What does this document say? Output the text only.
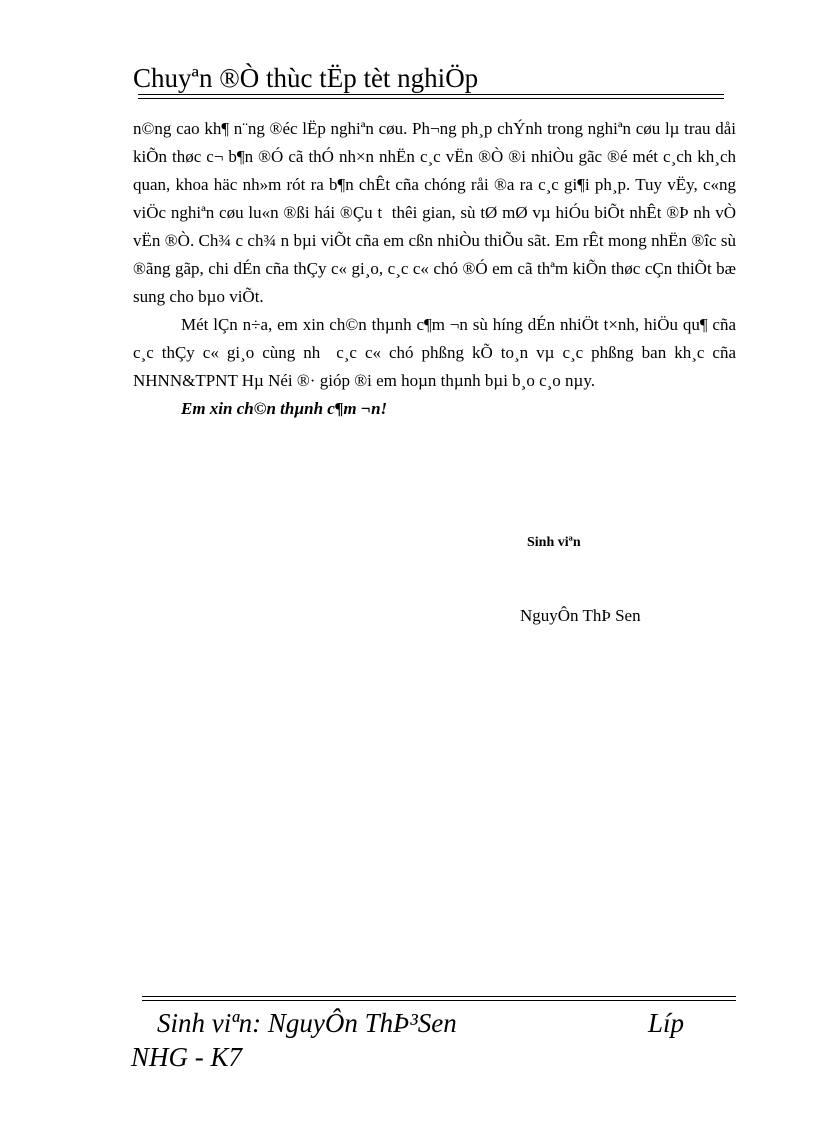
Chuyªn ®Ò thùc tËp tèt nghiÖp

n©ng cao kh¶ n¨ng ®éc lËp nghiªn cøu. Ph¬ng ph¸p chÝnh trong nghiªn cøu lµ trau dåi kiÕn thøc c¬ b¶n ®Ó cã thÓ nh×n nhËn c¸c vËn ®Ò ®i nhiÒu gãc ®é mét c¸ch kh¸ch quan, khoa häc nh»m rót ra b¶n chÊt cña chóng råi ®a ra c¸c gi¶i ph¸p. Tuy vËy, c«ng viÖc nghiªn cøu lu«n ®ßi hái ®Çu t  thêi gian, sù tØ mØ vµ hiÓu biÕt nhÊt ®Þ nh vÒ vËn ®Ò. Ch¾ c ch¾ n bµi viÕt cña em cßn nhiÒu thiÕu sãt. Em rÊt mong nhËn ®îc sù ®ãng gãp, chi dÉn cña thÇy c« gi¸o, c¸c c« chó ®Ó em cã thªm kiÕn thøc cÇn thiÕt bæ sung cho bµo viÕt.

Mét lÇn n÷a, em xin ch©n thµnh c¶m ¬n sù híng dÉn nhiÖt t×nh, hiÖu qu¶ cña c¸c thÇy c« gi¸o cùng nh  c¸c c« chó phßng kÕ to¸n vµ c¸c phßng ban kh¸c cña NHNN&TPNT Hµ Néi ®· gióp ®i em hoµn thµnh bµi b¸o c¸o nµy.

Em xin ch©n thµnh c¶m ¬n!

Sinh viªn
NguyÔn ThÞ Sen
Sinh viªn: NguyÔn ThÞ³Sen	Líp
NHG - K7
